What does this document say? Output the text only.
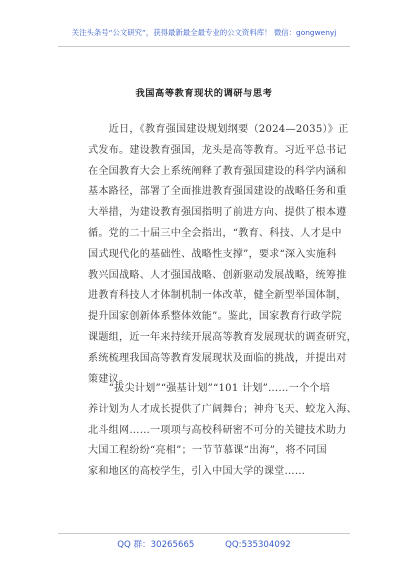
关注头条号“公文研究”，获得最新最全最专业的公文资料库！ 微信：gongwenyj
我国高等教育现状的调研与思考
　　近日，《教育强国建设规划纲要（2024—2035）》正
式发布。建设教育强国，龙头是高等教育。习近平总书记
在全国教育大会上系统阐释了教育强国建设的科学内涵和
基本路径，部署了全面推进教育强国建设的战略任务和重
大举措，为建设教育强国指明了前进方向、提供了根本遵
循。党的二十届三中全会指出，“教育、科技、人才是中
国式现代化的基础性、战略性支撑”，要求“深入实施科
教兴国战略、人才强国战略、创新驱动发展战略，统筹推
进教育科技人才体制机制一体改革，健全新型举国体制，
提升国家创新体系整体效能”。鉴此，国家教育行政学院
课题组，近一年来持续开展高等教育发展现状的调查研究，
系统梳理我国高等教育发展现状及面临的挑战，并提出对
策建议。
　　“拔尖计划”“强基计划”“101 计划”……一个个培
养计划为人才成长提供了广阔舞台；神舟飞天、蛟龙入海、
北斗组网……一项项与高校科研密不可分的关键技术助力
大国工程纷纷“亮相”；一节节慕课“出海”，将不同国
家和地区的高校学生，引入中国大学的课堂……
QQ 群：30265665	QQ:535304092
